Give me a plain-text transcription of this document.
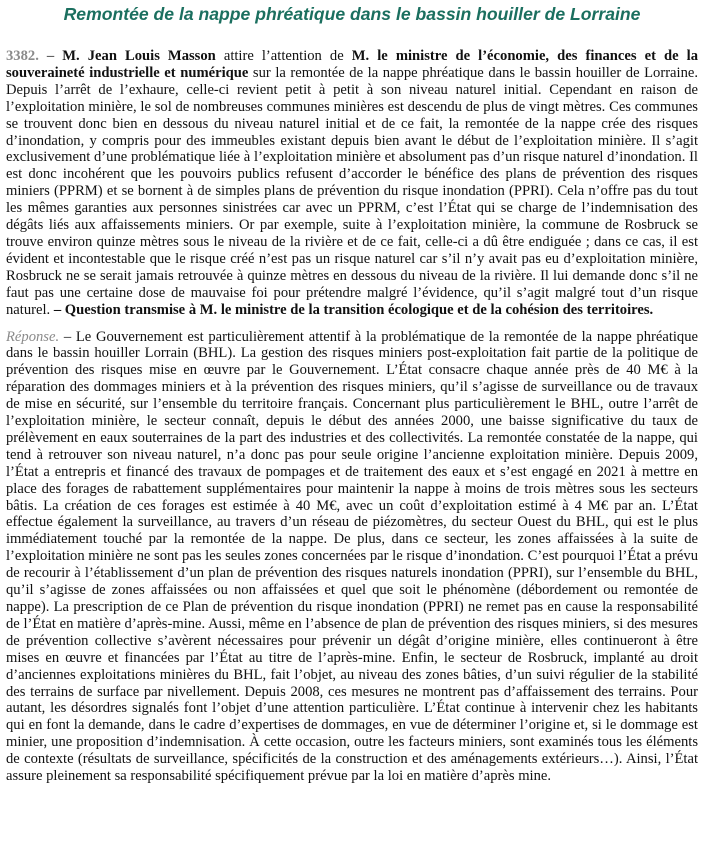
Remontée de la nappe phréatique dans le bassin houiller de Lorraine

3382. – M. Jean Louis Masson attire l’attention de M. le ministre de l’économie, des finances et de la souveraineté industrielle et numérique sur la remontée de la nappe phréatique dans le bassin houiller de Lorraine. Depuis l’arrêt de l’exhaure, celle-ci revient petit à petit à son niveau naturel initial. Cependant en raison de l’exploitation minière, le sol de nombreuses communes minières est descendu de plus de vingt mètres. Ces communes se trouvent donc bien en dessous du niveau naturel initial et de ce fait, la remontée de la nappe crée des risques d’inondation, y compris pour des immeubles existant depuis bien avant le début de l’exploitation minière. Il s’agit exclusivement d’une problématique liée à l’exploitation minière et absolument pas d’un risque naturel d’inondation. Il est donc incohérent que les pouvoirs publics refusent d’accorder le bénéfice des plans de prévention des risques miniers (PPRM) et se bornent à de simples plans de prévention du risque inondation (PPRI). Cela n’offre pas du tout les mêmes garanties aux personnes sinistrées car avec un PPRM, c’est l’État qui se charge de l’indemnisation des dégâts liés aux affaissements miniers. Or par exemple, suite à l’exploitation minière, la commune de Rosbruck se trouve environ quinze mètres sous le niveau de la rivière et de ce fait, celle-ci a dû être endiguée ; dans ce cas, il est évident et incontestable que le risque créé n’est pas un risque naturel car s’il n’y avait pas eu d’exploitation minière, Rosbruck ne se serait jamais retrouvée à quinze mètres en dessous du niveau de la rivière. Il lui demande donc s’il ne faut pas une certaine dose de mauvaise foi pour prétendre malgré l’évidence, qu’il s’agit malgré tout d’un risque naturel. – Question transmise à M. le ministre de la transition écologique et de la cohésion des territoires.

Réponse. – Le Gouvernement est particulièrement attentif à la problématique de la remontée de la nappe phréatique dans le bassin houiller Lorrain (BHL). La gestion des risques miniers post-exploitation fait partie de la politique de prévention des risques mise en œuvre par le Gouvernement. L’État consacre chaque année près de 40 M€ à la réparation des dommages miniers et à la prévention des risques miniers, qu’il s’agisse de surveillance ou de travaux de mise en sécurité, sur l’ensemble du territoire français. Concernant plus particulièrement le BHL, outre l’arrêt de l’exploitation minière, le secteur connaît, depuis le début des années 2000, une baisse significative du taux de prélèvement en eaux souterraines de la part des industries et des collectivités. La remontée constatée de la nappe, qui tend à retrouver son niveau naturel, n’a donc pas pour seule origine l’ancienne exploitation minière. Depuis 2009, l’État a entrepris et financé des travaux de pompages et de traitement des eaux et s’est engagé en 2021 à mettre en place des forages de rabattement supplémentaires pour maintenir la nappe à moins de trois mètres sous les secteurs bâtis. La création de ces forages est estimée à 40 M€, avec un coût d’exploitation estimé à 4 M€ par an. L’État effectue également la surveillance, au travers d’un réseau de piézomètres, du secteur Ouest du BHL, qui est le plus immédiatement touché par la remontée de la nappe. De plus, dans ce secteur, les zones affaissées à la suite de l’exploitation minière ne sont pas les seules zones concernées par le risque d’inondation. C’est pourquoi l’État a prévu de recourir à l’établissement d’un plan de prévention des risques naturels inondation (PPRI), sur l’ensemble du BHL, qu’il s’agisse de zones affaissées ou non affaissées et quel que soit le phénomène (débordement ou remontée de nappe). La prescription de ce Plan de prévention du risque inondation (PPRI) ne remet pas en cause la responsabilité de l’État en matière d’après-mine. Aussi, même en l’absence de plan de prévention des risques miniers, si des mesures de prévention collective s’avèrent nécessaires pour prévenir un dégât d’origine minière, elles continueront à être mises en œuvre et financées par l’État au titre de l’après-mine. Enfin, le secteur de Rosbruck, implanté au droit d’anciennes exploitations minières du BHL, fait l’objet, au niveau des zones bâties, d’un suivi régulier de la stabilité des terrains de surface par nivellement. Depuis 2008, ces mesures ne montrent pas d’affaissement des terrains. Pour autant, les désordres signalés font l’objet d’une attention particulière. L’État continue à intervenir chez les habitants qui en font la demande, dans le cadre d’expertises de dommages, en vue de déterminer l’origine et, si le dommage est minier, une proposition d’indemnisation. À cette occasion, outre les facteurs miniers, sont examinés tous les éléments de contexte (résultats de surveillance, spécificités de la construction et des aménagements extérieurs…). Ainsi, l’État assure pleinement sa responsabilité spécifiquement prévue par la loi en matière d’après mine.
